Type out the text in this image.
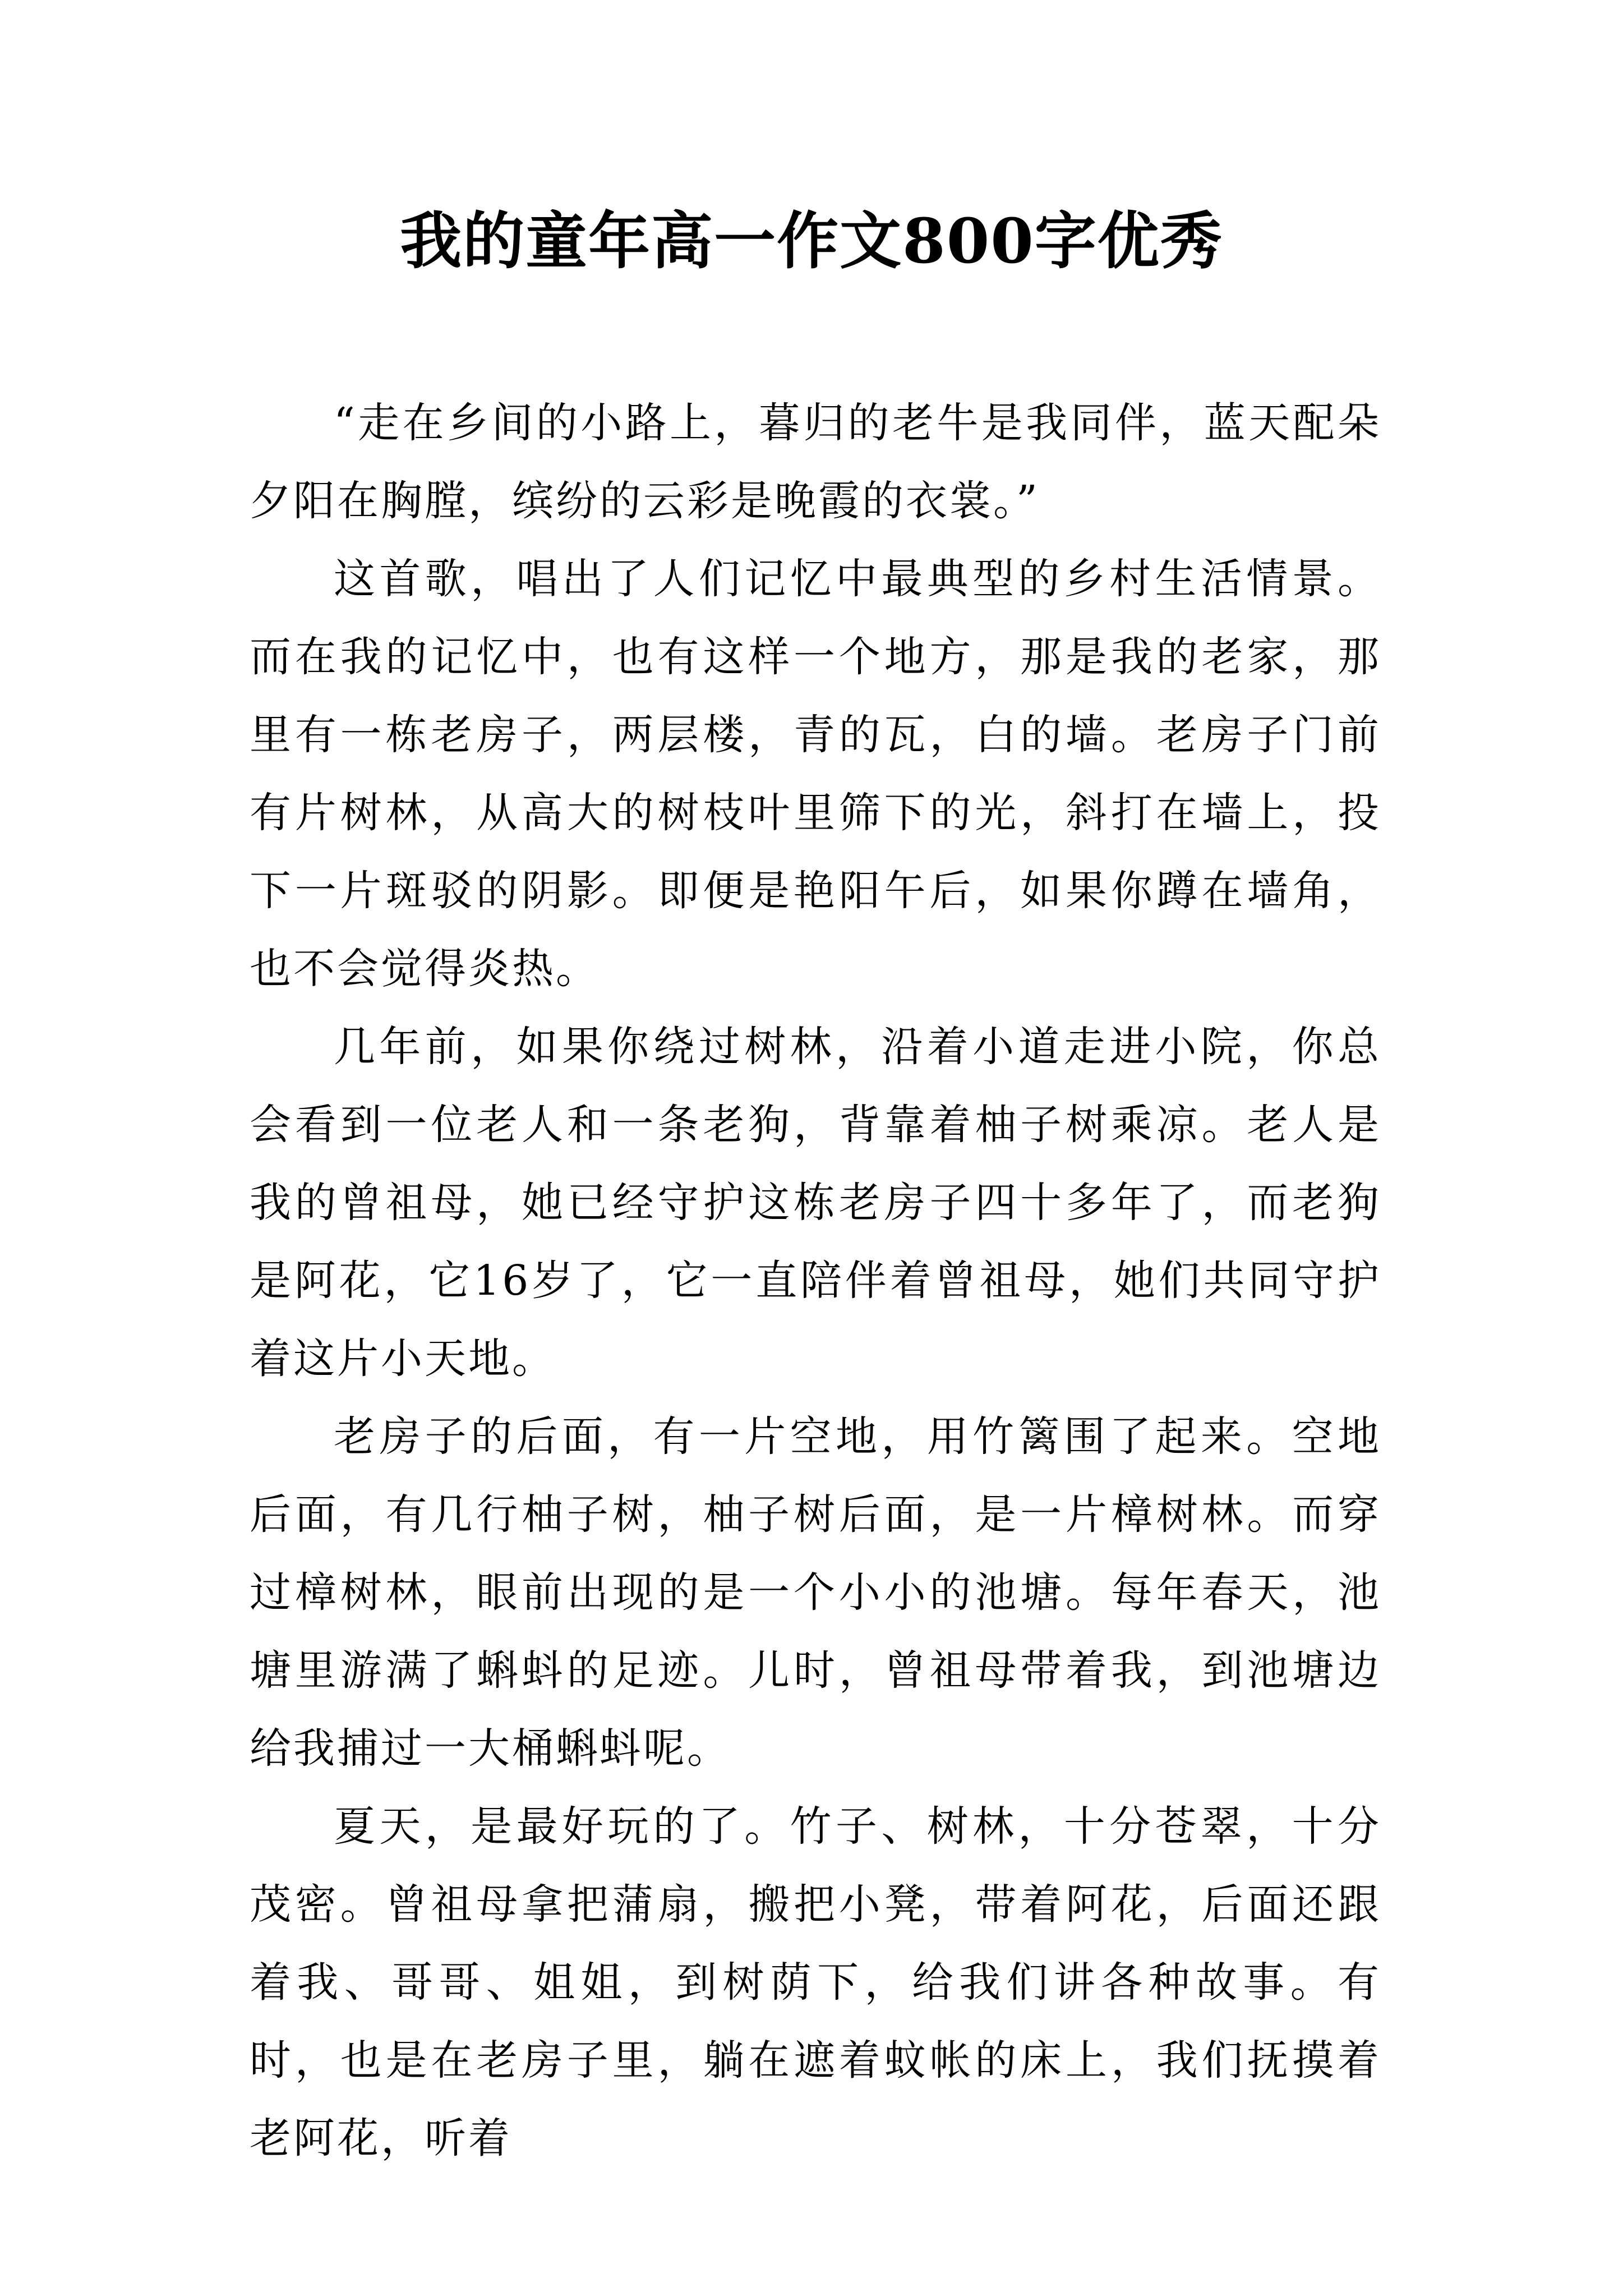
我的童年高一作文800字优秀

“走在乡间的小路上，暮归的老牛是我同伴，蓝天配朵夕阳在胸膛，缤纷的云彩是晚霞的衣裳。”

这首歌，唱出了人们记忆中最典型的乡村生活情景。而在我的记忆中，也有这样一个地方，那是我的老家，那里有一栋老房子，两层楼，青的瓦，白的墙。老房子门前有片树林，从高大的树枝叶里筛下的光，斜打在墙上，投下一片斑驳的阴影。即便是艳阳午后，如果你蹲在墙角，也不会觉得炎热。

几年前，如果你绕过树林，沿着小道走进小院，你总会看到一位老人和一条老狗，背靠着柚子树乘凉。老人是我的曾祖母，她已经守护这栋老房子四十多年了，而老狗是阿花，它16岁了，它一直陪伴着曾祖母，她们共同守护着这片小天地。

老房子的后面，有一片空地，用竹篱围了起来。空地后面，有几行柚子树，柚子树后面，是一片樟树林。而穿过樟树林，眼前出现的是一个小小的池塘。每年春天，池塘里游满了蝌蚪的足迹。儿时，曾祖母带着我，到池塘边给我捕过一大桶蝌蚪呢。

夏天，是最好玩的了。竹子、树林，十分苍翠，十分茂密。曾祖母拿把蒲扇，搬把小凳，带着阿花，后面还跟着我、哥哥、姐姐，到树荫下，给我们讲各种故事。有时，也是在老房子里，躺在遮着蚊帐的床上，我们抚摸着老阿花，听着
